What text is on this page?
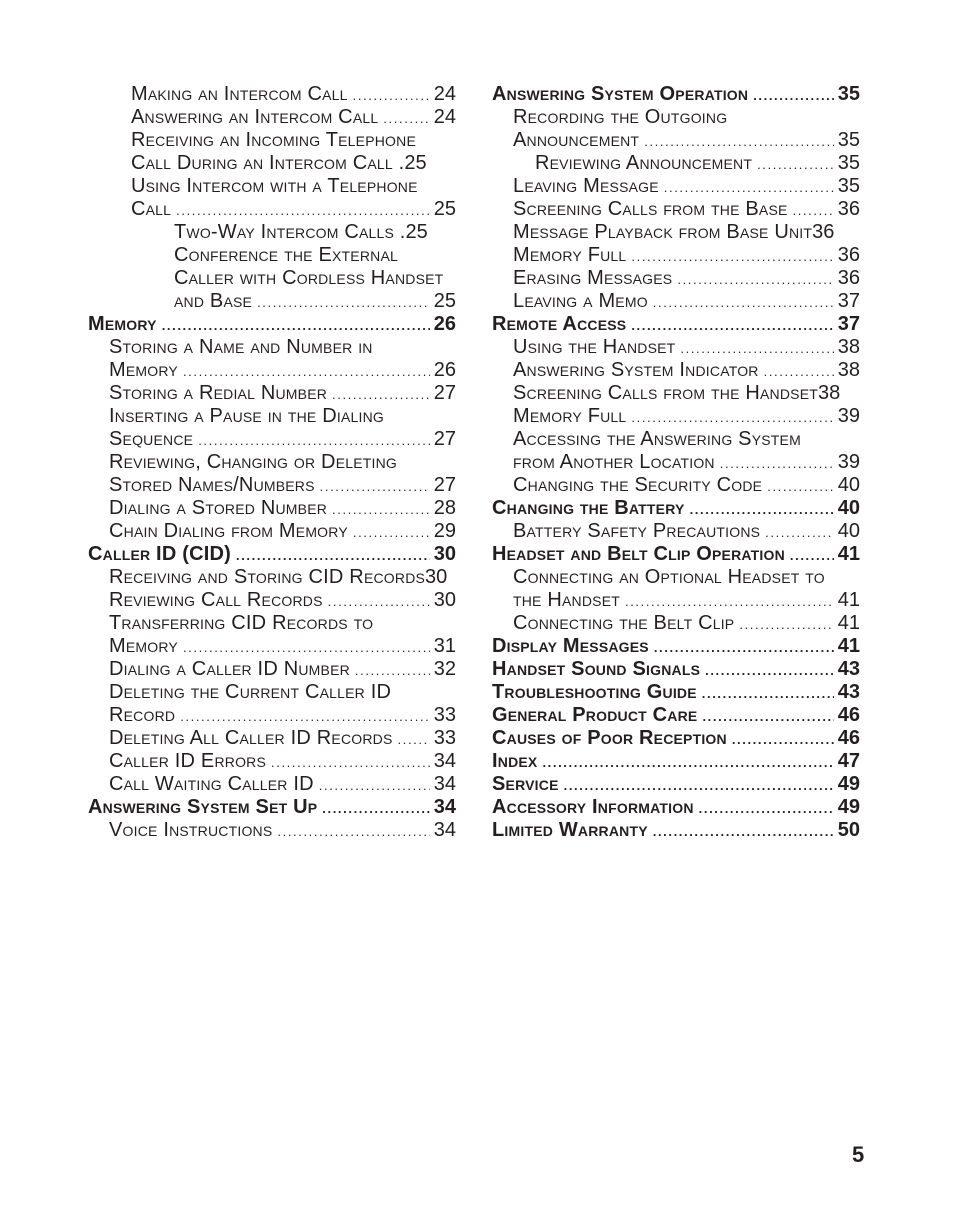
Making an Intercom Call .....	24
Answering an Intercom Call .....	24
Receiving an Incoming Telephone
Call During an Intercom Call . 25
Using Intercom with a Telephone
Call .....	25
Two-Way Intercom Calls . 25
Conference the External
Caller with Cordless Handset
and Base .....	25
Memory .....	26
Storing a Name and Number in
Memory .....	26
Storing a Redial Number .....	27
Inserting a Pause in the Dialing
Sequence .....	27
Reviewing, Changing or Deleting
Stored Names/Numbers .....	27
Dialing a Stored Number .....	28
Chain Dialing from Memory .....	29
Caller ID (CID) .....	30
Receiving and Storing CID Records 30
Reviewing Call Records .....	30
Transferring CID Records to
Memory .....	31
Dialing a Caller ID Number .....	32
Deleting the Current Caller ID
Record .....	33
Deleting All Caller ID Records ..... 33
Caller ID Errors .....	34
Call Waiting Caller ID .....	34
Answering System Set Up .....	34
Voice Instructions .....	34
Answering System Operation .....	35
Recording the Outgoing
Announcement .....	35
Reviewing Announcement .....	35
Leaving Message .....	35
Screening Calls from the Base .....	36
Message Playback from Base Unit 36
Memory Full .....	36
Erasing Messages .....	36
Leaving a Memo .....	37
Remote Access .....	37
Using the Handset .....	38
Answering System Indicator .....	38
Screening Calls from the Handset 38
Memory Full .....	39
Accessing the Answering System
from Another Location .....	39
Changing the Security Code .....	40
Changing the Battery .....	40
Battery Safety Precautions .....	40
Headset and Belt Clip Operation .....	41
Connecting an Optional Headset to
the Handset .....	41
Connecting the Belt Clip .....	41
Display Messages .....	41
Handset Sound Signals .....	43
Troubleshooting Guide .....	43
General Product Care .....	46
Causes of Poor Reception .....	46
Index .....	47
Service .....	49
Accessory Information .....	49
Limited Warranty .....	50
5
